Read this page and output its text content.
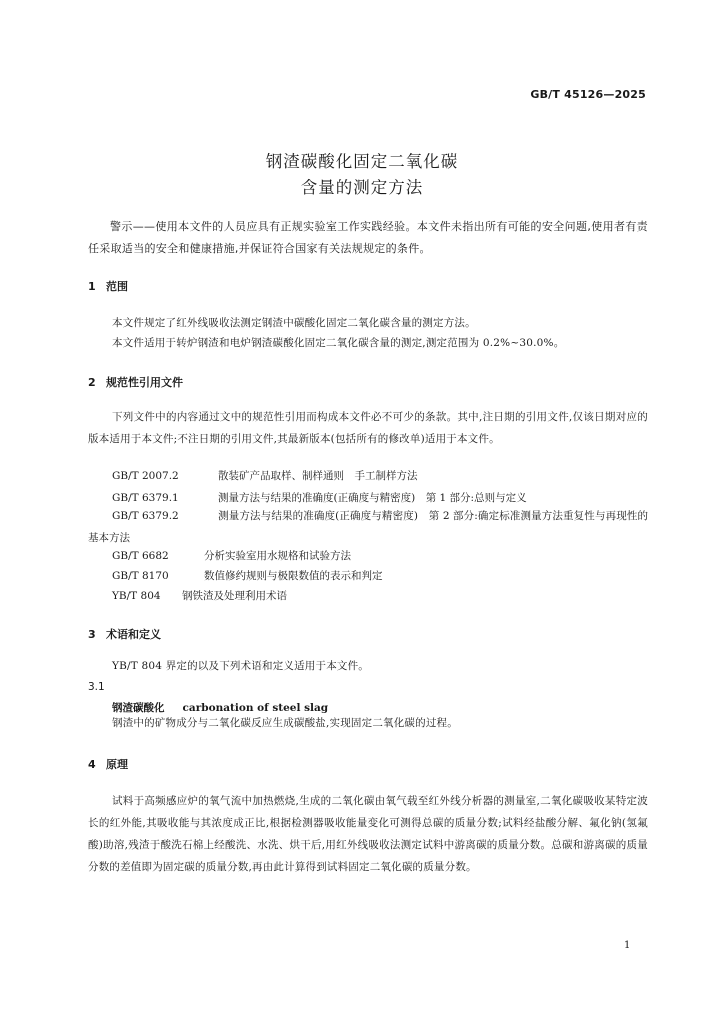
GB/T 45126—2025
钢渣碳酸化固定二氧化碳
含量的测定方法
警示——使用本文件的人员应具有正规实验室工作实践经验。本文件未指出所有可能的安全问题,使用者有责任采取适当的安全和健康措施,并保证符合国家有关法规规定的条件。
1 范围
本文件规定了红外线吸收法测定钢渣中碳酸化固定二氧化碳含量的测定方法。
本文件适用于转炉钢渣和电炉钢渣碳酸化固定二氧化碳含量的测定,测定范围为 0.2%~30.0%。
2 规范性引用文件
下列文件中的内容通过文中的规范性引用而构成本文件必不可少的条款。其中,注日期的引用文件,仅该日期对应的版本适用于本文件;不注日期的引用文件,其最新版本(包括所有的修改单)适用于本文件。
GB/T 2007.2	散装矿产品取样、制样通则　手工制样方法
GB/T 6379.1	测量方法与结果的准确度(正确度与精密度)　第 1 部分:总则与定义
GB/T 6379.2	测量方法与结果的准确度(正确度与精密度)　第 2 部分:确定标准测量方法重复性与再现性的基本方法
GB/T 6682	分析实验室用水规格和试验方法
GB/T 8170	数值修约规则与极限数值的表示和判定
YB/T 804 钢铁渣及处理利用术语
3 术语和定义
YB/T 804 界定的以及下列术语和定义适用于本文件。
3.1
钢渣碳酸化 carbonation of steel slag
钢渣中的矿物成分与二氧化碳反应生成碳酸盐,实现固定二氧化碳的过程。
4 原理
试料于高频感应炉的氧气流中加热燃烧,生成的二氧化碳由氧气载至红外线分析器的测量室,二氧化碳吸收某特定波长的红外能,其吸收能与其浓度成正比,根据检测器吸收能量变化可测得总碳的质量分数;试料经盐酸分解、氟化钠(氢氟酸)助溶,残渣于酸洗石棉上经酸洗、水洗、烘干后,用红外线吸收法测定试料中游离碳的质量分数。总碳和游离碳的质量分数的差值即为固定碳的质量分数,再由此计算得到试料固定二氧化碳的质量分数。
1
